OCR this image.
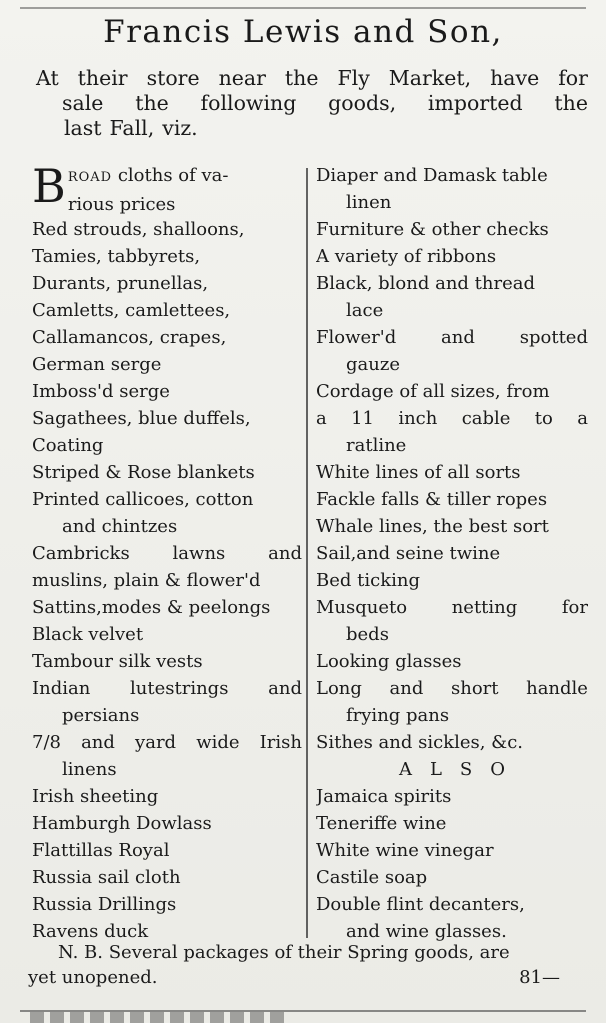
Francis Lewis and Son,
At their store near the Fly Market, have for
sale the following goods, imported the
last Fall, viz.
B ROAD cloths of va-
rious prices
Red strouds, shalloons,
Tamies, tabbyrets,
Durants, prunellas,
Camletts, camlettees,
Callamancos, crapes,
German serge
Imboss'd serge
Sagathees, blue duffels,
Coating
Striped & Rose blankets
Printed callicoes, cotton
and chintzes
Cambricks lawns and
muslins, plain & flower'd
Sattins,modes & peelongs
Black velvet
Tambour silk vests
Indian lutestrings and
persians
7/8 and yard wide Irish
linens
Irish sheeting
Hamburgh Dowlass
Flattillas Royal
Russia sail cloth
Russia Drillings
Ravens duck
Diaper and Damask table
linen
Furniture & other checks
A variety of ribbons
Black, blond and thread
lace
Flower'd and spotted
gauze
Cordage of all sizes, from
a 11 inch cable to a
ratline
White lines of all sorts
Fackle falls & tiller ropes
Whale lines, the best sort
Sail,and seine twine
Bed ticking
Musqueto netting for
beds
Looking glasses
Long and short handle
frying pans
Sithes and sickles, &c.
ALSO
Jamaica spirits
Teneriffe wine
White wine vinegar
Castile soap
Double flint decanters,
and wine glasses.
N. B. Several packages of their Spring goods, are
yet unopened.	81—
